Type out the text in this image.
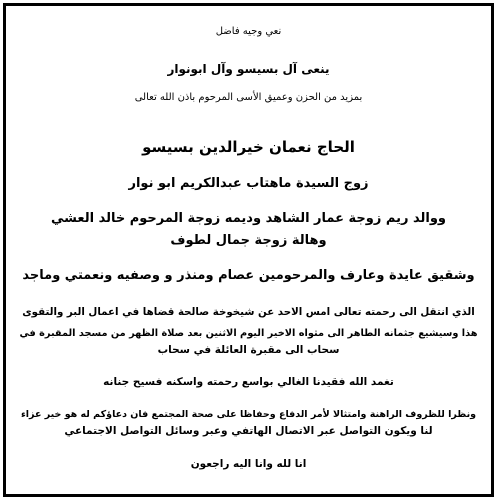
نعي وجيه فاضل
ينعى آل بسيسو وآل ابونوار
بمزيد من الحزن وعميق الأسى المرحوم باذن الله تعالى
الحاج نعمان خيرالدين بسيسو
زوج السيدة ماهتاب عبدالكريم ابو نوار
ووالد ريم زوجة عمار الشاهد وديمه زوجة المرحوم خالد العشي
وهالة زوجة جمال لطوف
وشقيق عايدة وعارف والمرحومين عصام ومنذر و وصفيه ونعمتي وماجد
الذي انتقل الى رحمته تعالى امس الاحد عن شيخوخة صالحة قضاها في اعمال البر والتقوى
هذا وسيشيع جثمانه الطاهر الى مثواه الاخير اليوم الاثنين بعد صلاة الظهر من مسجد المقبرة في
سحاب الى مقبرة العائلة في سحاب
تغمد الله فقيدنا الغالي بواسع رحمته واسكنه فسيح جنانه
ونظرا للظروف الراهنة وامتثالا لأمر الدفاع وحفاظا على صحة المجتمع فان دعاؤكم له هو خير عزاء
لنا ويكون التواصل عبر الاتصال الهاتفي وعبر وسائل التواصل الاجتماعي
انا لله وانا اليه راجعون
